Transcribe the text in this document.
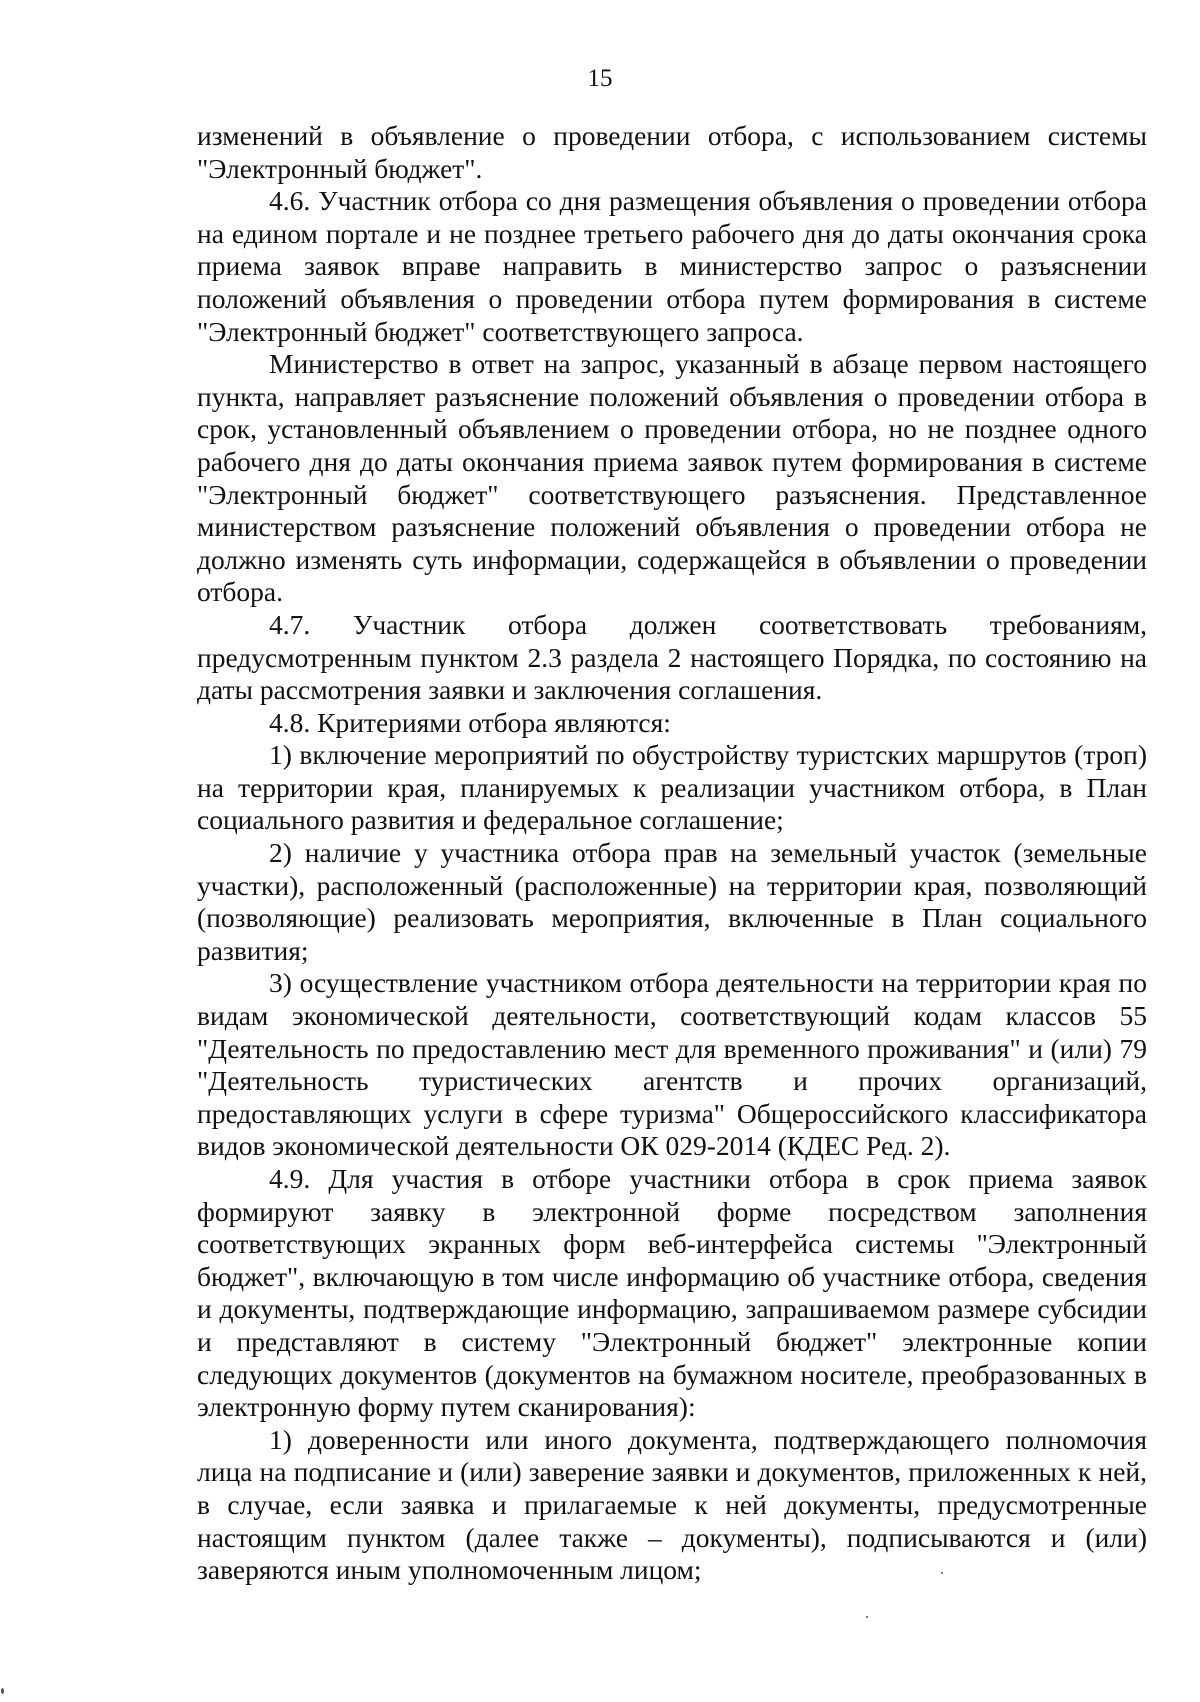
15

изменений в объявление о проведении отбора, с использованием системы "Электронный бюджет".

4.6. Участник отбора со дня размещения объявления о проведении отбора на едином портале и не позднее третьего рабочего дня до даты окончания срока приема заявок вправе направить в министерство запрос о разъяснении положений объявления о проведении отбора путем формирования в системе "Электронный бюджет" соответствующего запроса.

Министерство в ответ на запрос, указанный в абзаце первом настоящего пункта, направляет разъяснение положений объявления о проведении отбора в срок, установленный объявлением о проведении отбора, но не позднее одного рабочего дня до даты окончания приема заявок путем формирования в системе "Электронный бюджет" соответствующего разъяснения. Представленное министерством разъяснение положений объявления о проведении отбора не должно изменять суть информации, содержащейся в объявлении о проведении отбора.

4.7. Участник отбора должен соответствовать требованиям, предусмотренным пунктом 2.3 раздела 2 настоящего Порядка, по состоянию на даты рассмотрения заявки и заключения соглашения.

4.8. Критериями отбора являются:

1) включение мероприятий по обустройству туристских маршрутов (троп) на территории края, планируемых к реализации участником отбора, в План социального развития и федеральное соглашение;

2) наличие у участника отбора прав на земельный участок (земельные участки), расположенный (расположенные) на территории края, позволяющий (позволяющие) реализовать мероприятия, включенные в План социального развития;

3) осуществление участником отбора деятельности на территории края по видам экономической деятельности, соответствующий кодам классов 55 "Деятельность по предоставлению мест для временного проживания" и (или) 79 "Деятельность туристических агентств и прочих организаций, предоставляющих услуги в сфере туризма" Общероссийского классификатора видов экономической деятельности ОК 029-2014 (КДЕС Ред. 2).

4.9. Для участия в отборе участники отбора в срок приема заявок формируют заявку в электронной форме посредством заполнения соответствующих экранных форм веб-интерфейса системы "Электронный бюджет", включающую в том числе информацию об участнике отбора, сведения и документы, подтверждающие информацию, запрашиваемом размере субсидии и представляют в систему "Электронный бюджет" электронные копии следующих документов (документов на бумажном носителе, преобразованных в электронную форму путем сканирования):

1) доверенности или иного документа, подтверждающего полномочия лица на подписание и (или) заверение заявки и документов, приложенных к ней, в случае, если заявка и прилагаемые к ней документы, предусмотренные настоящим пунктом (далее также – документы), подписываются и (или) заверяются иным уполномоченным лицом;
